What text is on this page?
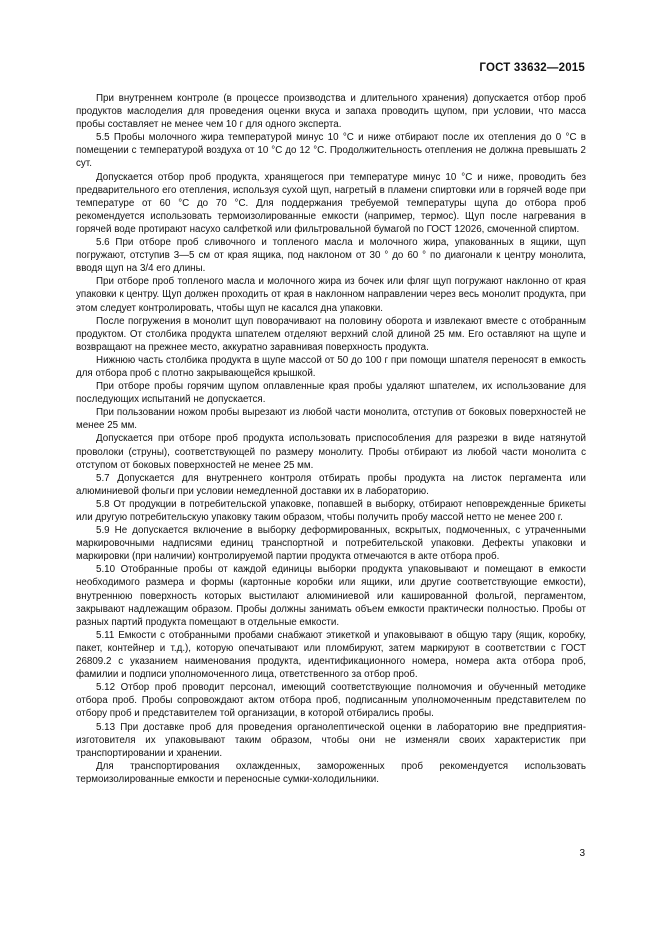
ГОСТ 33632—2015

При внутреннем контроле (в процессе производства и длительного хранения) допускается отбор проб продуктов маслоделия для проведения оценки вкуса и запаха проводить щупом, при условии, что масса пробы составляет не менее чем 10 г для одного эксперта.

5.5 Пробы молочного жира температурой минус 10 °С и ниже отбирают после их отепления до 0 °С в помещении с температурой воздуха от 10 °С до 12 °С. Продолжительность отепления не должна превышать 2 сут.

Допускается отбор проб продукта, хранящегося при температуре минус 10 °С и ниже, проводить без предварительного его отепления, используя сухой щуп, нагретый в пламени спиртовки или в горячей воде при температуре от 60 °С до 70 °С. Для поддержания требуемой температуры щупа до отбора проб рекомендуется использовать термоизолированные емкости (например, термос). Щуп после нагревания в горячей воде протирают насухо салфеткой или фильтровальной бумагой по ГОСТ 12026, смоченной спиртом.

5.6 При отборе проб сливочного и топленого масла и молочного жира, упакованных в ящики, щуп погружают, отступив 3—5 см от края ящика, под наклоном от 30 ° до 60 ° по диагонали к центру монолита, вводя щуп на 3/4 его длины.

При отборе проб топленого масла и молочного жира из бочек или фляг щуп погружают наклонно от края упаковки к центру. Щуп должен проходить от края в наклонном направлении через весь монолит продукта, при этом следует контролировать, чтобы щуп не касался дна упаковки.

После погружения в монолит щуп поворачивают на половину оборота и извлекают вместе с отобранным продуктом. От столбика продукта шпателем отделяют верхний слой длиной 25 мм. Его оставляют на щупе и возвращают на прежнее место, аккуратно заравнивая поверхность продукта.

Нижнюю часть столбика продукта в щупе массой от 50 до 100 г при помощи шпателя переносят в емкость для отбора проб с плотно закрывающейся крышкой.

При отборе пробы горячим щупом оплавленные края пробы удаляют шпателем, их использование для последующих испытаний не допускается.

При пользовании ножом пробы вырезают из любой части монолита, отступив от боковых поверхностей не менее 25 мм.

Допускается при отборе проб продукта использовать приспособления для разрезки в виде натянутой проволоки (струны), соответствующей по размеру монолиту. Пробы отбирают из любой части монолита с отступом от боковых поверхностей не менее 25 мм.

5.7 Допускается для внутреннего контроля отбирать пробы продукта на листок пергамента или алюминиевой фольги при условии немедленной доставки их в лабораторию.

5.8 От продукции в потребительской упаковке, попавшей в выборку, отбирают неповрежденные брикеты или другую потребительскую упаковку таким образом, чтобы получить пробу массой нетто не менее 200 г.

5.9 Не допускается включение в выборку деформированных, вскрытых, подмоченных, с утраченными маркировочными надписями единиц транспортной и потребительской упаковки. Дефекты упаковки и маркировки (при наличии) контролируемой партии продукта отмечаются в акте отбора проб.

5.10 Отобранные пробы от каждой единицы выборки продукта упаковывают и помещают в емкости необходимого размера и формы (картонные коробки или ящики, или другие соответствующие емкости), внутреннюю поверхность которых выстилают алюминиевой или кашированной фольгой, пергаментом, закрывают надлежащим образом. Пробы должны занимать объем емкости практически полностью. Пробы от разных партий продукта помещают в отдельные емкости.

5.11 Емкости с отобранными пробами снабжают этикеткой и упаковывают в общую тару (ящик, коробку, пакет, контейнер и т.д.), которую опечатывают или пломбируют, затем маркируют в соответствии с ГОСТ 26809.2 с указанием наименования продукта, идентификационного номера, номера акта отбора проб, фамилии и подписи уполномоченного лица, ответственного за отбор проб.

5.12 Отбор проб проводит персонал, имеющий соответствующие полномочия и обученный методике отбора проб. Пробы сопровождают актом отбора проб, подписанным уполномоченным представителем по отбору проб и представителем той организации, в которой отбирались пробы.

5.13 При доставке проб для проведения органолептической оценки в лабораторию вне предприятия-изготовителя их упаковывают таким образом, чтобы они не изменяли своих характеристик при транспортировании и хранении.

Для транспортирования охлажденных, замороженных проб рекомендуется использовать термоизолированные емкости и переносные сумки-холодильники.

3
